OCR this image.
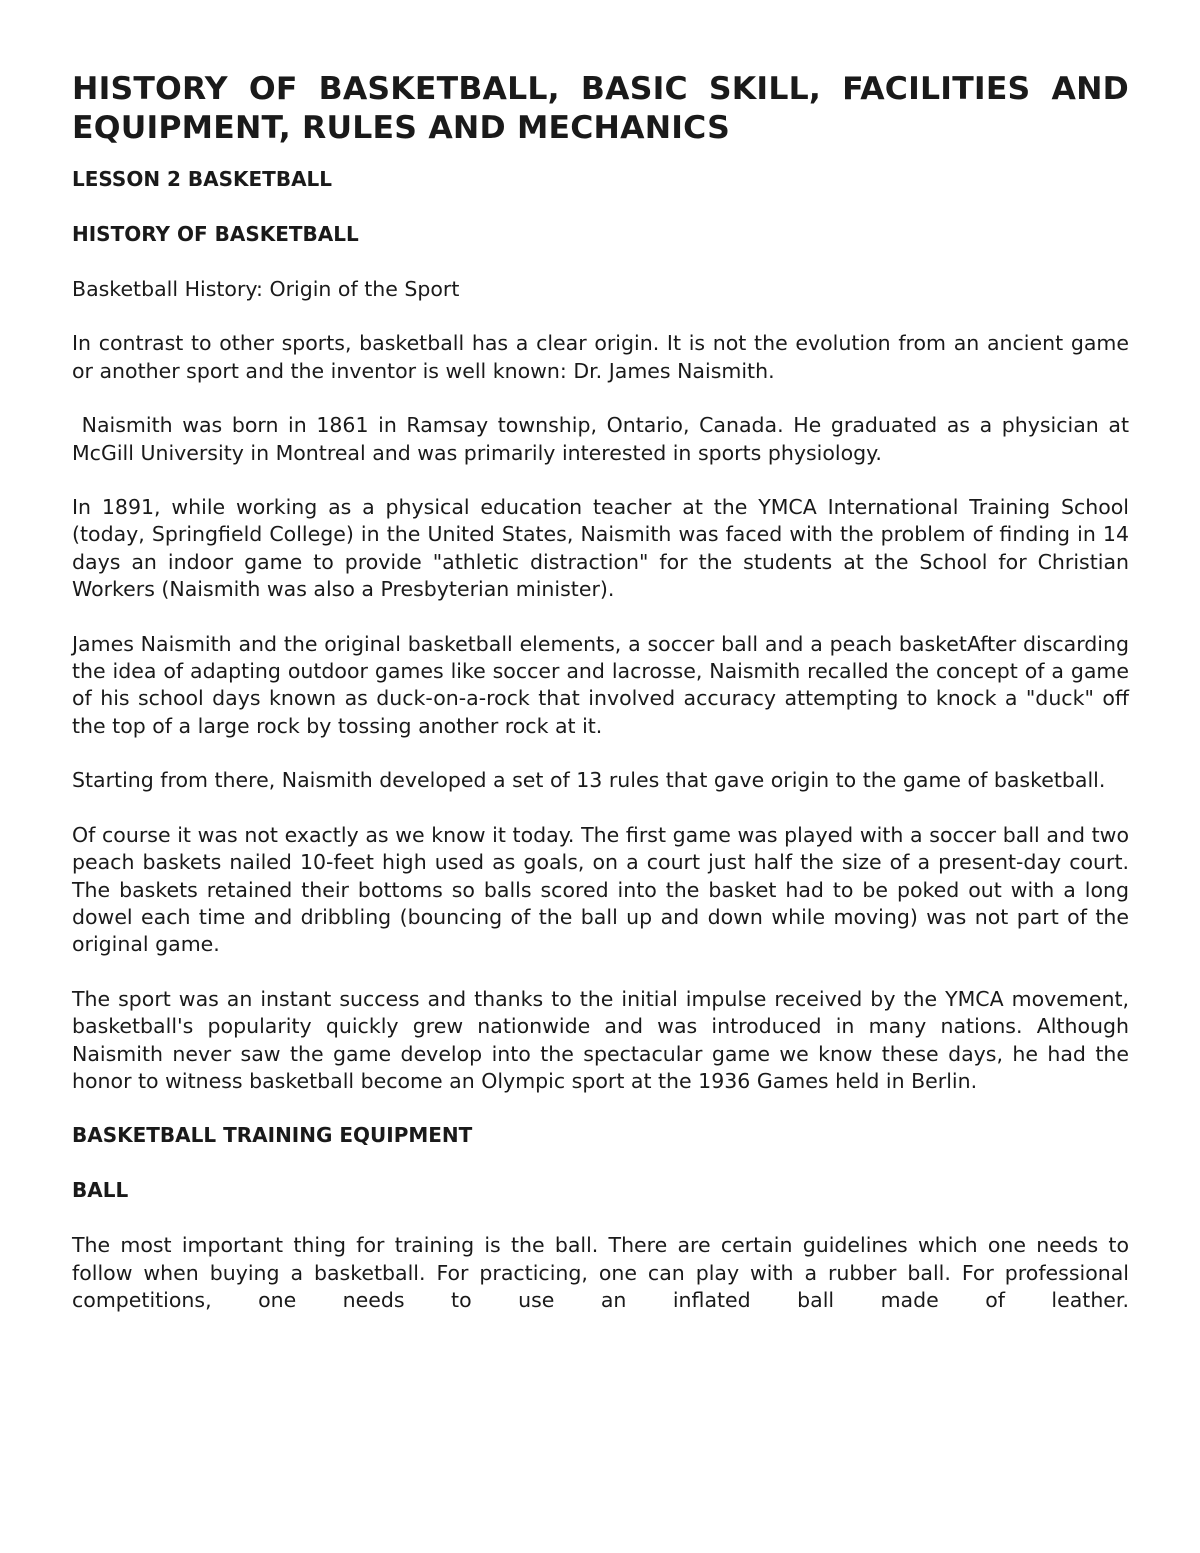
HISTORY OF BASKETBALL, BASIC SKILL, FACILITIES AND EQUIPMENT, RULES AND MECHANICS
LESSON 2 BASKETBALL
HISTORY OF BASKETBALL

Basketball History: Origin of the Sport

In contrast to other sports, basketball has a clear origin. It is not the evolution from an ancient game or another sport and the inventor is well known: Dr. James Naismith.

Naismith was born in 1861 in Ramsay township, Ontario, Canada. He graduated as a physician at McGill University in Montreal and was primarily interested in sports physiology.

In 1891, while working as a physical education teacher at the YMCA International Training School (today, Springfield College) in the United States, Naismith was faced with the problem of finding in 14 days an indoor game to provide "athletic distraction" for the students at the School for Christian Workers (Naismith was also a Presbyterian minister).

James Naismith and the original basketball elements, a soccer ball and a peach basketAfter discarding the idea of adapting outdoor games like soccer and lacrosse, Naismith recalled the concept of a game of his school days known as duck-on-a-rock that involved accuracy attempting to knock a "duck" off the top of a large rock by tossing another rock at it.

Starting from there, Naismith developed a set of 13 rules that gave origin to the game of basketball.

Of course it was not exactly as we know it today. The first game was played with a soccer ball and two peach baskets nailed 10-feet high used as goals, on a court just half the size of a present-day court. The baskets retained their bottoms so balls scored into the basket had to be poked out with a long dowel each time and dribbling (bouncing of the ball up and down while moving) was not part of the original game.

The sport was an instant success and thanks to the initial impulse received by the YMCA movement, basketball's popularity quickly grew nationwide and was introduced in many nations. Although Naismith never saw the game develop into the spectacular game we know these days, he had the honor to witness basketball become an Olympic sport at the 1936 Games held in Berlin.

BASKETBALL TRAINING EQUIPMENT
BALL

The most important thing for training is the ball. There are certain guidelines which one needs to follow when buying a basketball. For practicing, one can play with a rubber ball. For professional competitions, one needs to use an inflated ball made of leather.
